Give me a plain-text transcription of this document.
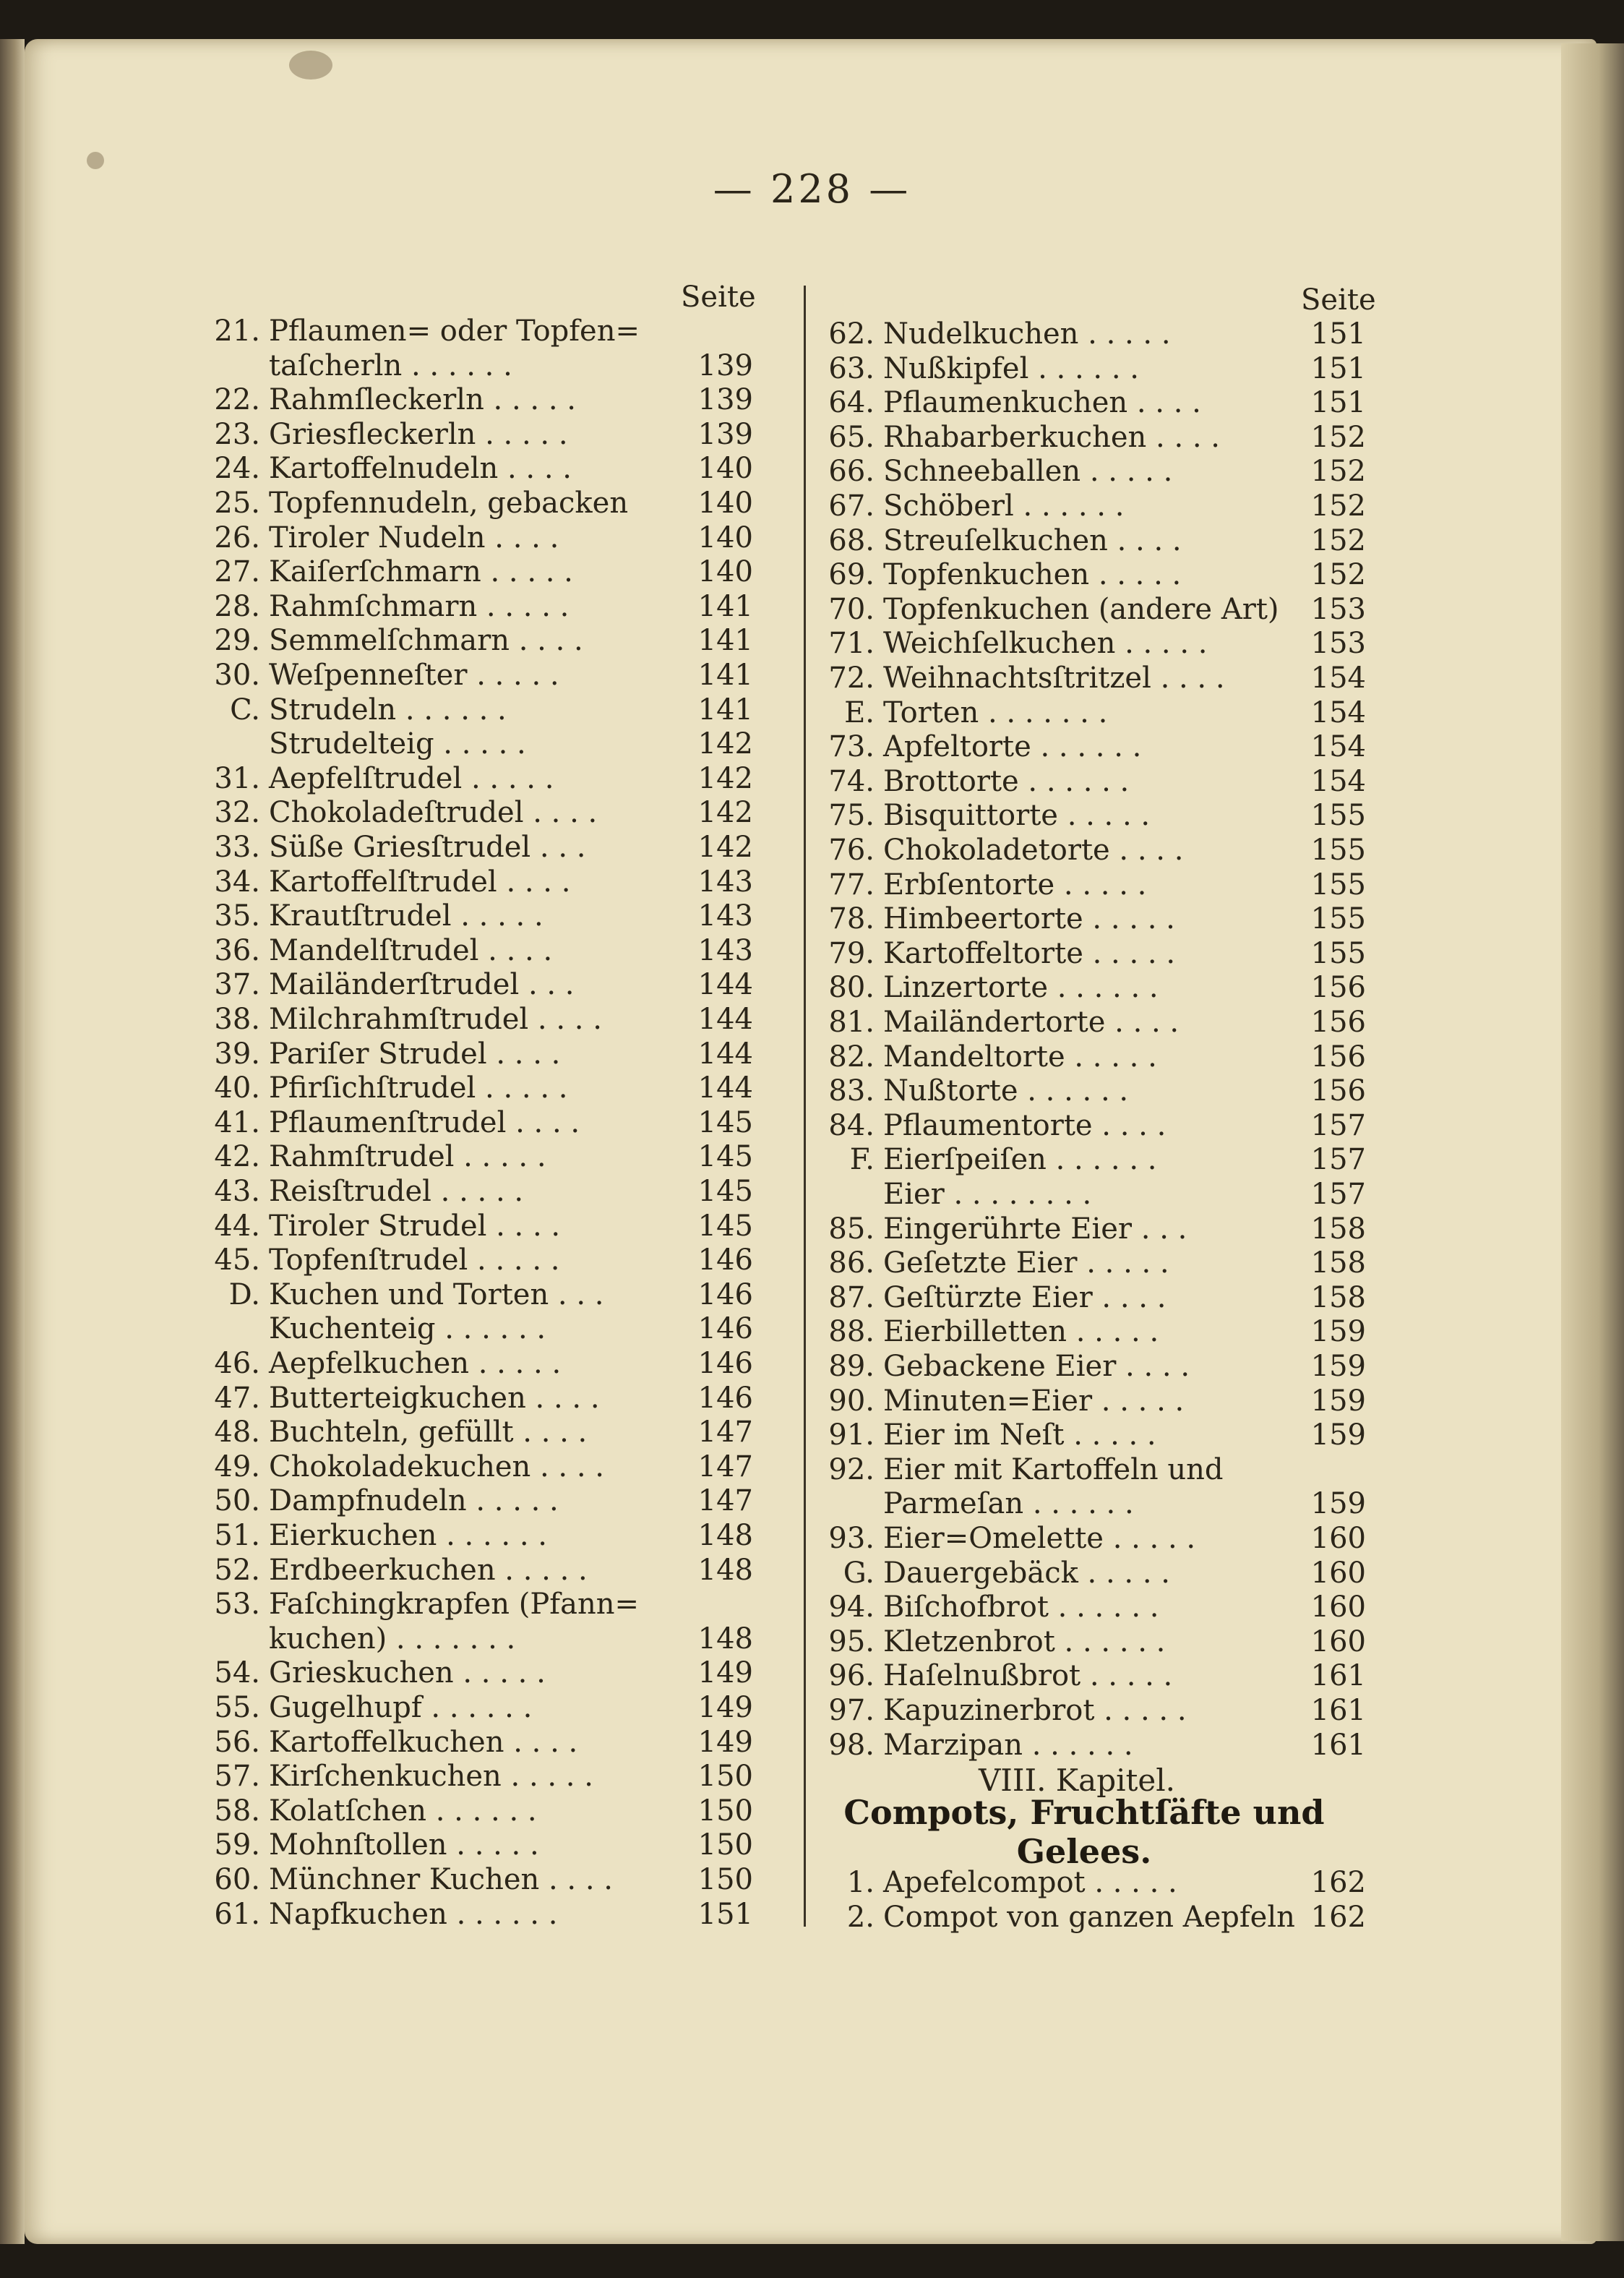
— 228 —
Seite	Seite
21. Pflaumen= oder Topfen=
taſcherln . . . . . .	139
22. Rahmſleckerln . . . . .	139
23. Griesfleckerln . . . . .	139
24. Kartoffelnudeln . . . .	140
25. Topfennudeln, gebacken 140
26. Tiroler Nudeln . . . .	140
27. Kaiſerſchmarn . . . . .	140
28. Rahmſchmarn . . . . .	141
29. Semmelſchmarn . . . .	141
30. Weſpenneſter . . . . .	141
C. Strudeln . . . . . .	141
Strudelteig . . . . .	142
31. Aepfelſtrudel . . . . .	142
32. Chokoladeſtrudel . . . .	142
33. Süße Griesſtrudel . . .	142
34. Kartoffelſtrudel . . . .	143
35. Krautſtrudel . . . . .	143
36. Mandelſtrudel . . . .	143
37. Mailänderſtrudel . . .	144
38. Milchrahmſtrudel . . . .	144
39. Pariſer Strudel . . . .	144
40. Pfirſichſtrudel . . . . .	144
41. Pflaumenſtrudel . . . .	145
42. Rahmſtrudel . . . . .	145
43. Reisſtrudel . . . . .	145
44. Tiroler Strudel . . . .	145
45. Topfenſtrudel . . . . .	146
D. Kuchen und Torten . . .	146
Kuchenteig . . . . . .	146
46. Aepfelkuchen . . . . .	146
47. Butterteigkuchen . . . .	146
48. Buchteln, gefüllt . . . .	147
49. Chokoladekuchen . . . .	147
50. Dampfnudeln . . . . .	147
51. Eierkuchen . . . . . .	148
52. Erdbeerkuchen . . . . .	148
53. Faſchingkrapfen (Pfann=
kuchen) . . . . . . .	148
54. Grieskuchen . . . . .	149
55. Gugelhupf . . . . . .	149
56. Kartoffelkuchen . . . .	149
57. Kirſchenkuchen . . . . .	150
58. Kolatſchen . . . . . .	150
59. Mohnſtollen . . . . .	150
60. Münchner Kuchen . . . .	150
61. Napfkuchen . . . . . .	151
62. Nudelkuchen . . . . .	151
63. Nußkipfel . . . . . .	151
64. Pflaumenkuchen . . . .	151
65. Rhabarberkuchen . . . .	152
66. Schneeballen . . . . .	152
67. Schöberl . . . . . .	152
68. Streuſelkuchen . . . .	152
69. Topfenkuchen . . . . .	152
70. Topfenkuchen (andere Art) 153
71. Weichſelkuchen . . . . .	153
72. Weihnachtsſtritzel . . . .	154
E. Torten . . . . . . .	154
73. Apfeltorte . . . . . .	154
74. Brottorte . . . . . .	154
75. Bisquittorte . . . . .	155
76. Chokoladetorte . . . .	155
77. Erbſentorte . . . . .	155
78. Himbeertorte . . . . .	155
79. Kartoffeltorte . . . . .	155
80. Linzertorte . . . . . .	156
81. Mailändertorte . . . .	156
82. Mandeltorte . . . . .	156
83. Nußtorte . . . . . .	156
84. Pflaumentorte . . . .	157
F. Eierſpeiſen . . . . . .	157
Eier . . . . . . . .	157
85. Eingerührte Eier . . .	158
86. Geſetzte Eier . . . . .	158
87. Geſtürzte Eier . . . .	158
88. Eierbilletten . . . . .	159
89. Gebackene Eier . . . .	159
90. Minuten=Eier . . . . .	159
91. Eier im Neſt . . . . .	159
92. Eier mit Kartoffeln und
Parmeſan . . . . . .	159
93. Eier=Omelette . . . . .	160
G. Dauergebäck . . . . .	160
94. Biſchofbrot . . . . . .	160
95. Kletzenbrot . . . . . .	160
96. Haſelnußbrot . . . . .	161
97. Kapuzinerbrot . . . . .	161
98. Marzipan . . . . . .	161
VIII. Kapitel.
Compots, Fruchtſäfte und
Gelees.
1. Apefelcompot . . . . .	162
2. Compot von ganzen Aepfeln 162
